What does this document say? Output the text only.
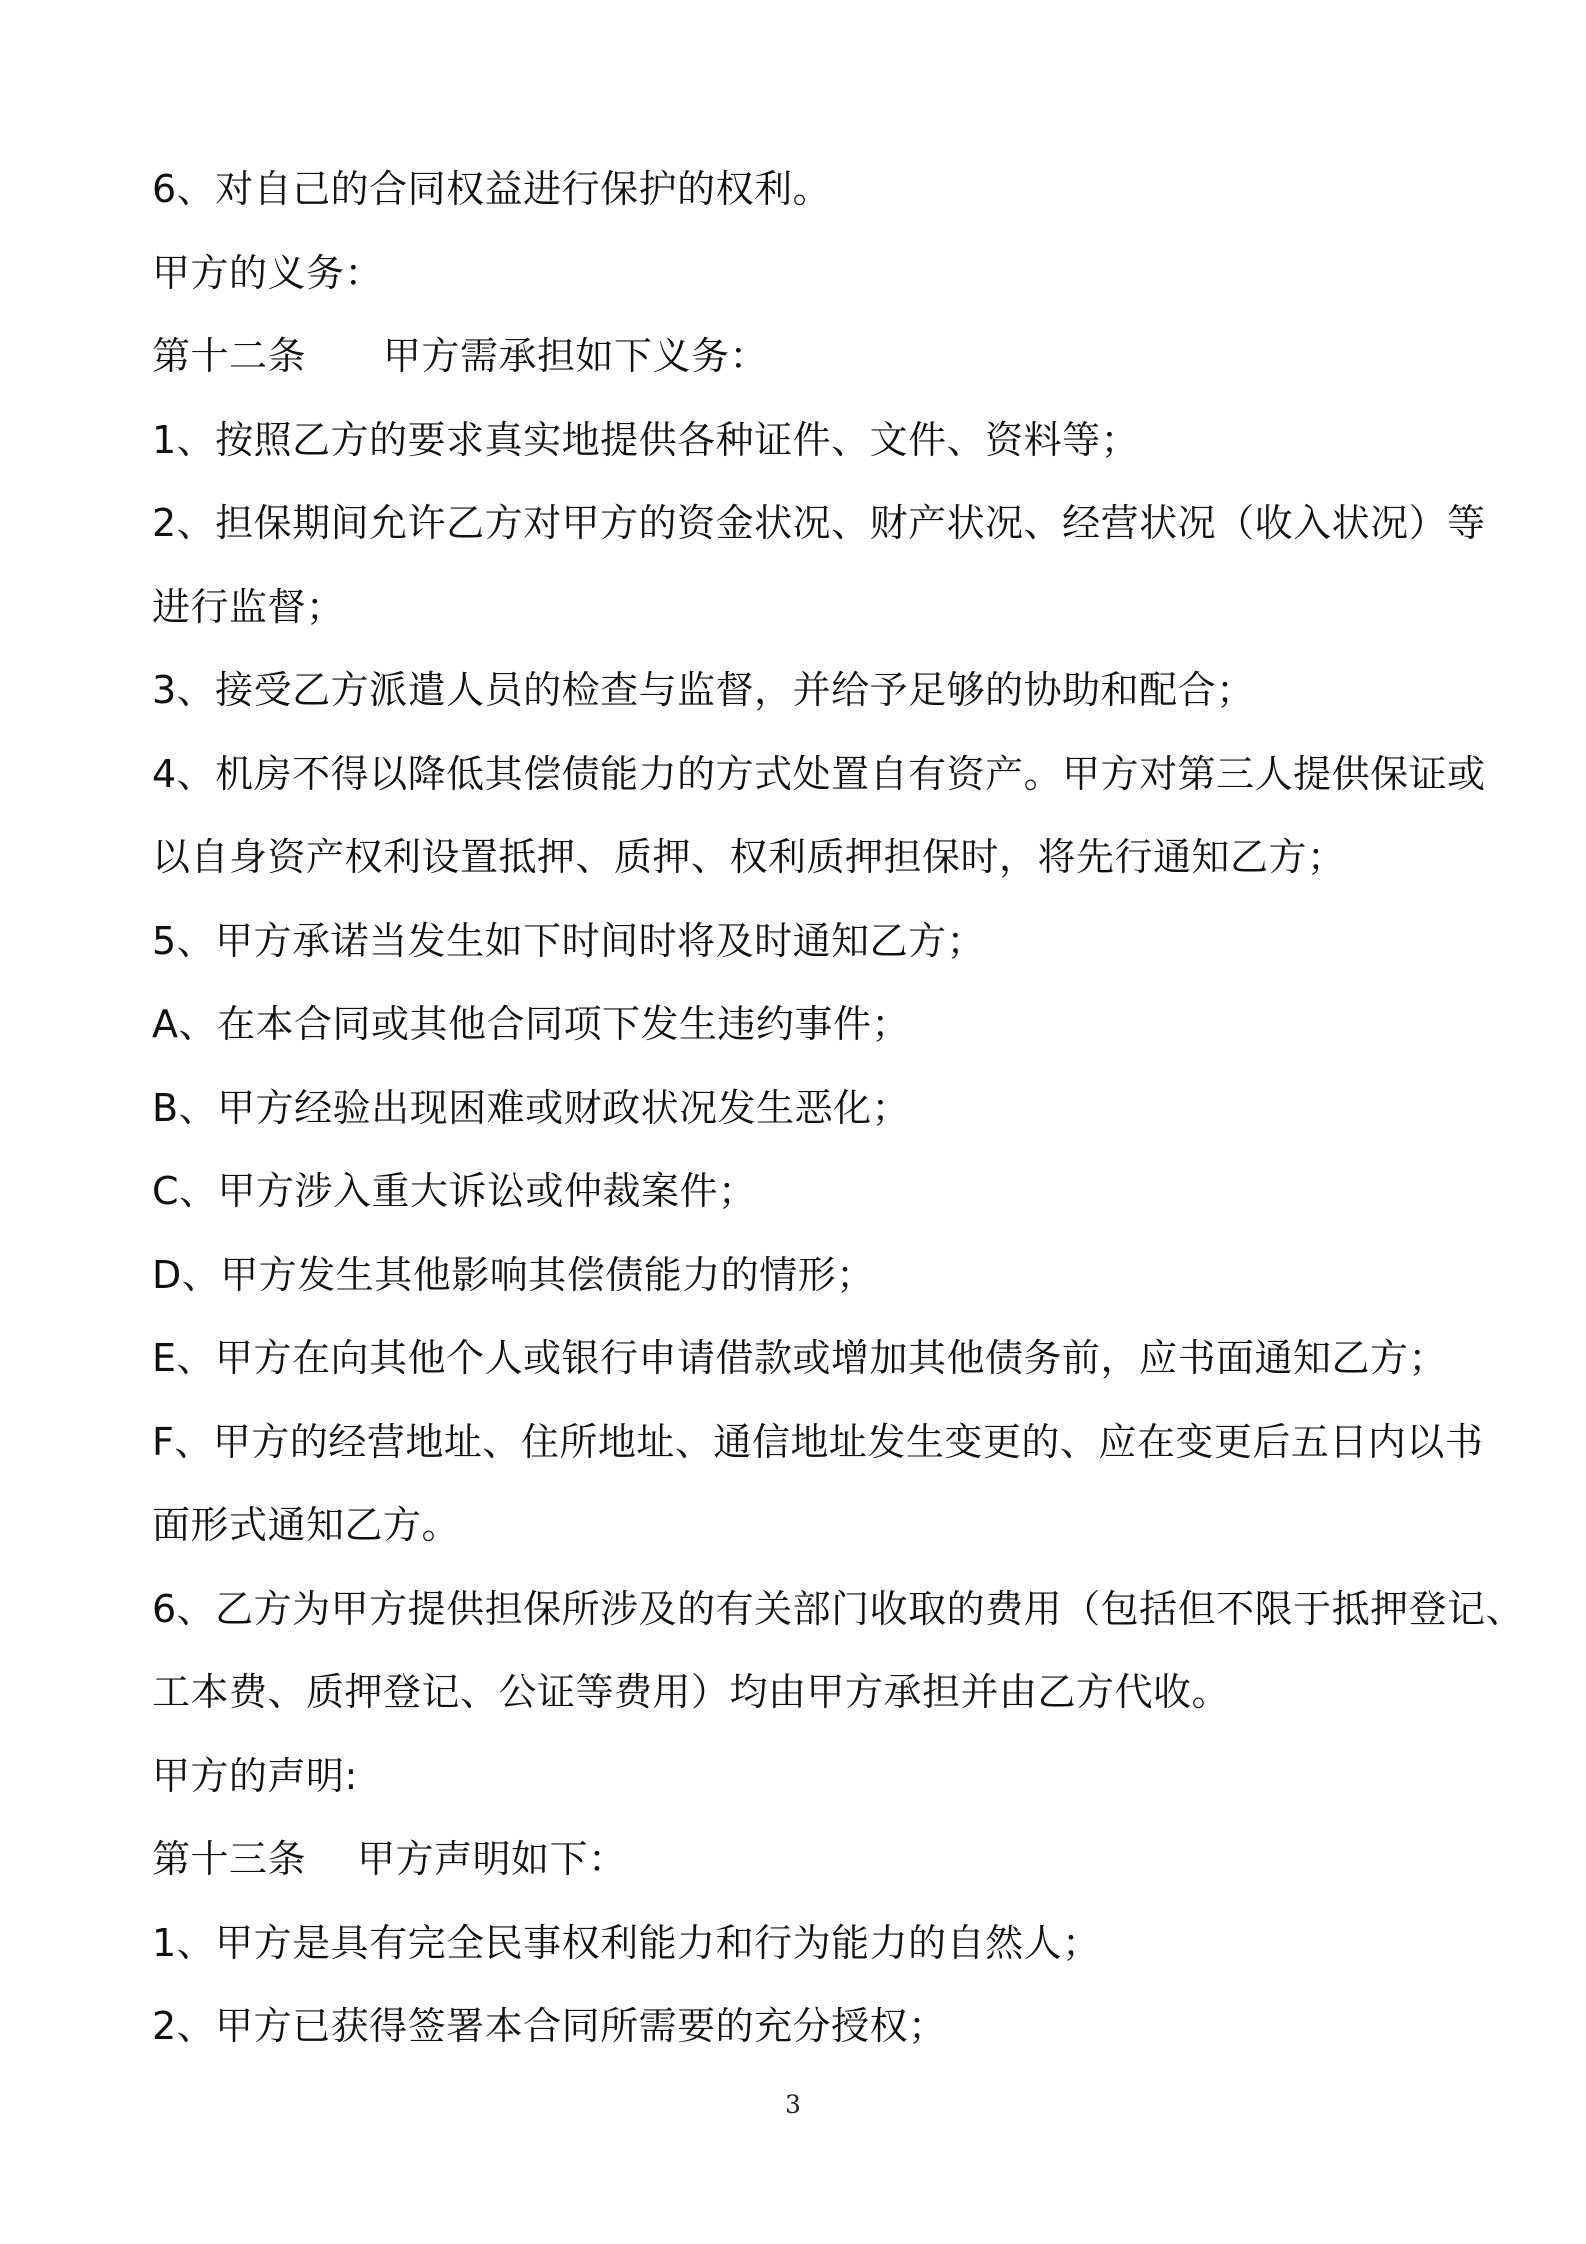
6、对自己的合同权益进行保护的权利。
甲方的义务：
第十二条　　甲方需承担如下义务：
1、按照乙方的要求真实地提供各种证件、文件、资料等；
2、担保期间允许乙方对甲方的资金状况、财产状况、经营状况（收入状况）等
进行监督；
3、接受乙方派遣人员的检查与监督，并给予足够的协助和配合；
4、机房不得以降低其偿债能力的方式处置自有资产。甲方对第三人提供保证或
以自身资产权利设置抵押、质押、权利质押担保时，将先行通知乙方；
5、甲方承诺当发生如下时间时将及时通知乙方；
A、在本合同或其他合同项下发生违约事件；
B、甲方经验出现困难或财政状况发生恶化；
C、甲方涉入重大诉讼或仲裁案件；
D、甲方发生其他影响其偿债能力的情形；
E、甲方在向其他个人或银行申请借款或增加其他债务前，应书面通知乙方；
F、甲方的经营地址、住所地址、通信地址发生变更的、应在变更后五日内以书
面形式通知乙方。
6、乙方为甲方提供担保所涉及的有关部门收取的费用（包括但不限于抵押登记、
工本费、质押登记、公证等费用）均由甲方承担并由乙方代收。
甲方的声明:
第十三条　 甲方声明如下：
1、甲方是具有完全民事权利能力和行为能力的自然人；
2、甲方已获得签署本合同所需要的充分授权；
3
